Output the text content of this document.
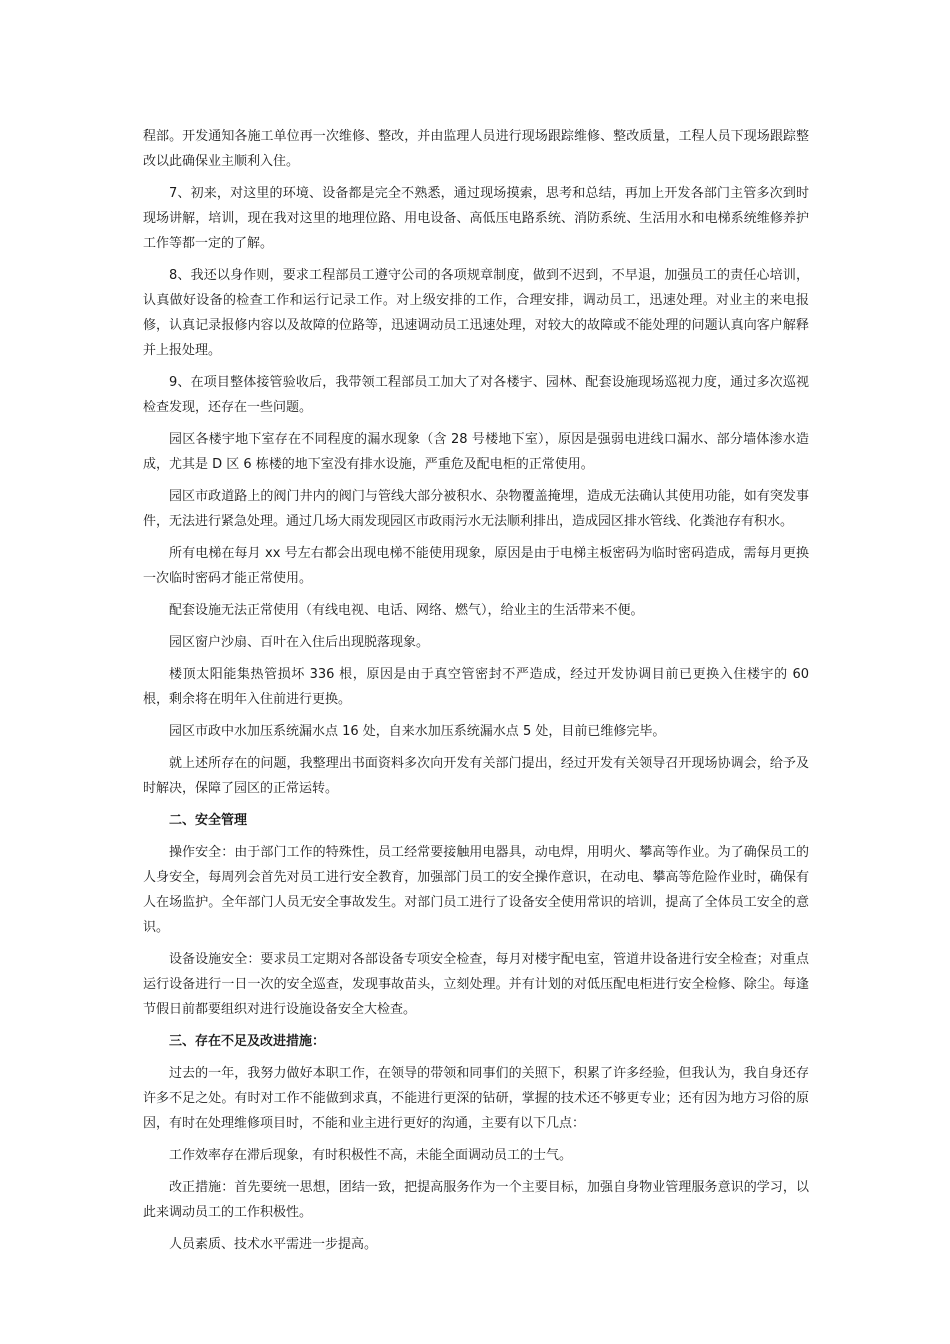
程部。开发通知各施工单位再一次维修、整改，并由监理人员进行现场跟踪维修、整改质量，工程人员下现场跟踪整改以此确保业主顺利入住。

7、初来，对这里的环境、设备都是完全不熟悉，通过现场摸索，思考和总结，再加上开发各部门主管多次到时现场讲解，培训，现在我对这里的地理位路、用电设备、高低压电路系统、消防系统、生活用水和电梯系统维修养护工作等都一定的了解。

8、我还以身作则，要求工程部员工遵守公司的各项规章制度，做到不迟到，不早退，加强员工的责任心培训，认真做好设备的检查工作和运行记录工作。对上级安排的工作，合理安排，调动员工，迅速处理。对业主的来电报修，认真记录报修内容以及故障的位路等，迅速调动员工迅速处理，对较大的故障或不能处理的问题认真向客户解释并上报处理。

9、在项目整体接管验收后，我带领工程部员工加大了对各楼宇、园林、配套设施现场巡视力度，通过多次巡视检查发现，还存在一些问题。

园区各楼宇地下室存在不同程度的漏水现象（含 28 号楼地下室），原因是强弱电进线口漏水、部分墙体渗水造成，尤其是 D 区 6 栋楼的地下室没有排水设施，严重危及配电柜的正常使用。

园区市政道路上的阀门井内的阀门与管线大部分被积水、杂物覆盖掩埋，造成无法确认其使用功能，如有突发事件，无法进行紧急处理。通过几场大雨发现园区市政雨污水无法顺利排出，造成园区排水管线、化粪池存有积水。

所有电梯在每月 xx 号左右都会出现电梯不能使用现象，原因是由于电梯主板密码为临时密码造成，需每月更换一次临时密码才能正常使用。

配套设施无法正常使用（有线电视、电话、网络、燃气），给业主的生活带来不便。

园区窗户沙扇、百叶在入住后出现脱落现象。

楼顶太阳能集热管损坏 336 根，原因是由于真空管密封不严造成，经过开发协调目前已更换入住楼宇的 60 根，剩余将在明年入住前进行更换。

园区市政中水加压系统漏水点 16 处，自来水加压系统漏水点 5 处，目前已维修完毕。

就上述所存在的问题，我整理出书面资料多次向开发有关部门提出，经过开发有关领导召开现场协调会，给予及时解决，保障了园区的正常运转。

二、安全管理

操作安全：由于部门工作的特殊性，员工经常要接触用电器具，动电焊，用明火、攀高等作业。为了确保员工的人身安全，每周列会首先对员工进行安全教育，加强部门员工的安全操作意识，在动电、攀高等危险作业时，确保有人在场监护。全年部门人员无安全事故发生。对部门员工进行了设备安全使用常识的培训，提高了全体员工安全的意识。

设备设施安全：要求员工定期对各部设备专项安全检查，每月对楼宇配电室，管道井设备进行安全检查；对重点运行设备进行一日一次的安全巡查，发现事故苗头，立刻处理。并有计划的对低压配电柜进行安全检修、除尘。每逢节假日前都要组织对进行设施设备安全大检查。

三、存在不足及改进措施：

过去的一年，我努力做好本职工作，在领导的带领和同事们的关照下，积累了许多经验，但我认为，我自身还存许多不足之处。有时对工作不能做到求真，不能进行更深的钻研，掌握的技术还不够更专业；还有因为地方习俗的原因，有时在处理维修项目时，不能和业主进行更好的沟通，主要有以下几点：

工作效率存在滞后现象，有时积极性不高，未能全面调动员工的士气。

改正措施：首先要统一思想，团结一致，把提高服务作为一个主要目标，加强自身物业管理服务意识的学习，以此来调动员工的工作积极性。

人员素质、技术水平需进一步提高。
